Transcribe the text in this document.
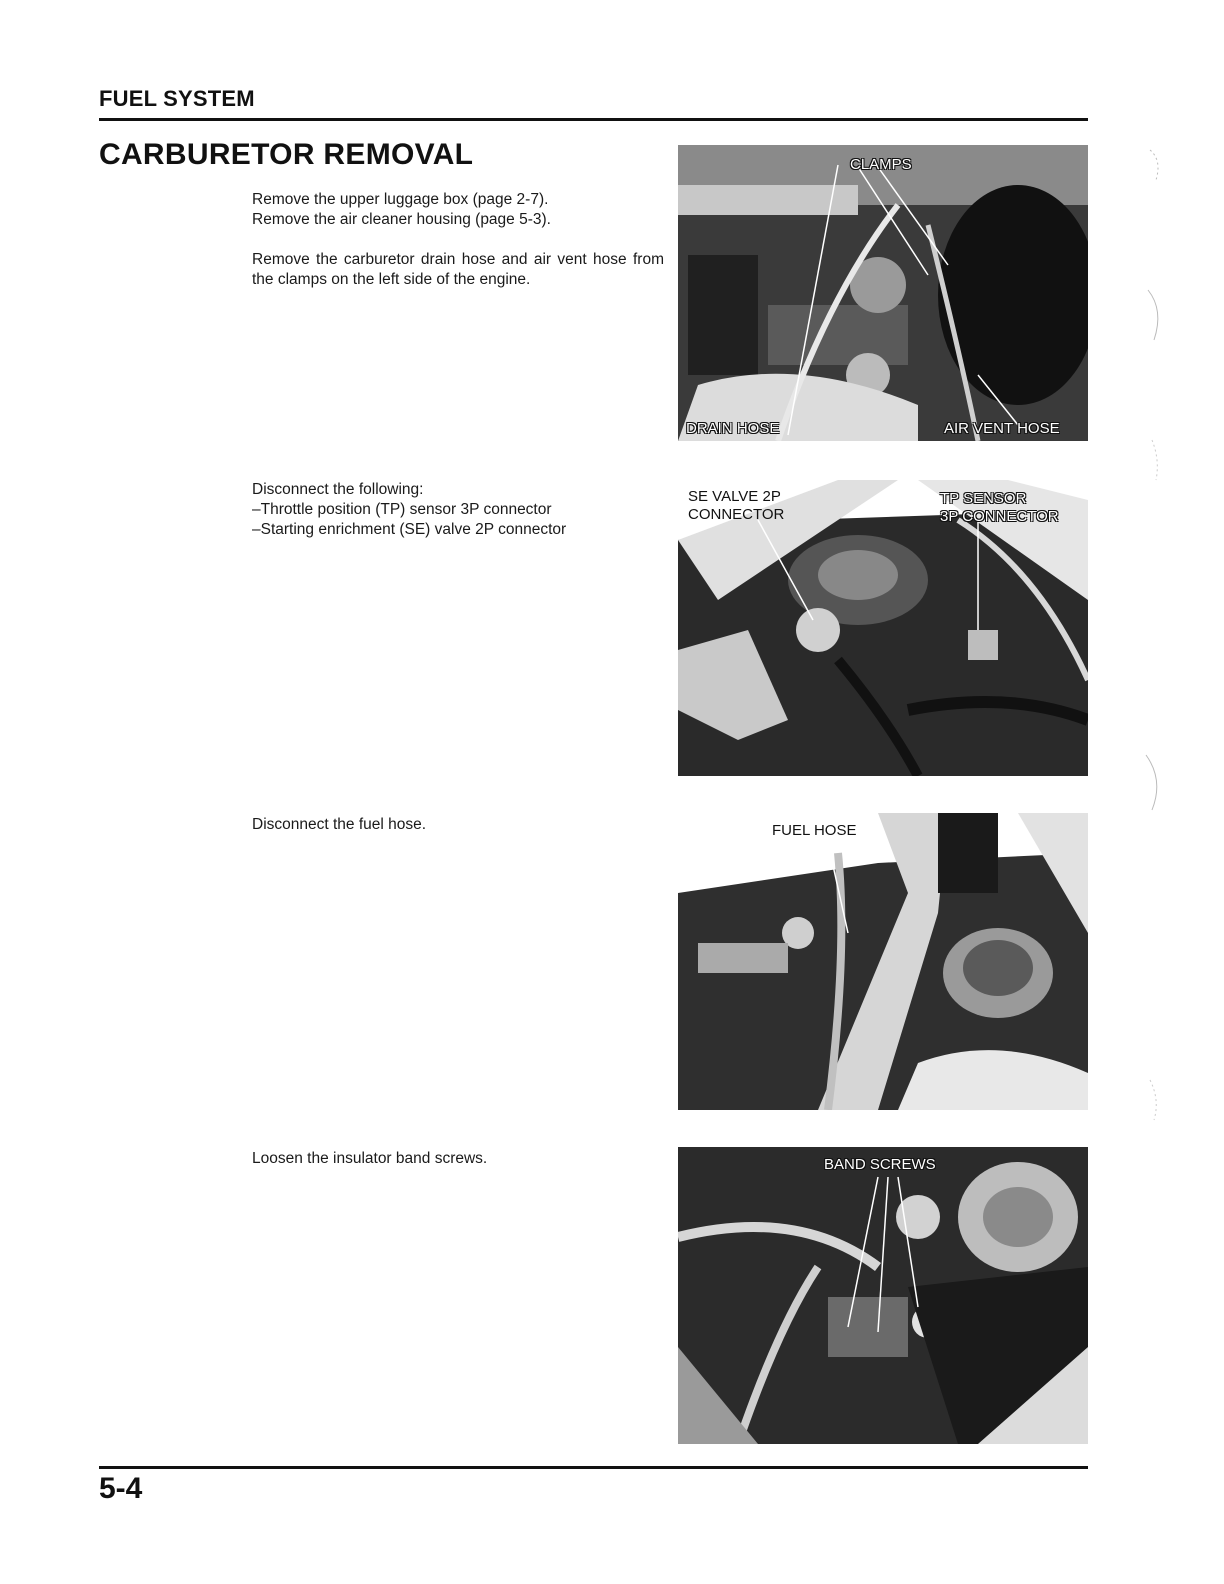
FUEL SYSTEM
CARBURETOR REMOVAL

Remove the upper luggage box (page 2-7).

Remove the air cleaner housing (page 5-3).

Remove the carburetor drain hose and air vent hose from the clamps on the left side of the engine.

CLAMPS
DRAIN HOSE	AIR VENT HOSE

Disconnect the following:

–Throttle position (TP) sensor 3P connector

–Starting enrichment (SE) valve 2P connector

SE VALVE 2P
CONNECTOR
TP SENSOR
3P CONNECTOR

Disconnect the fuel hose.	FUEL HOSE

Loosen the insulator band screws.	BAND SCREWS
5-4
